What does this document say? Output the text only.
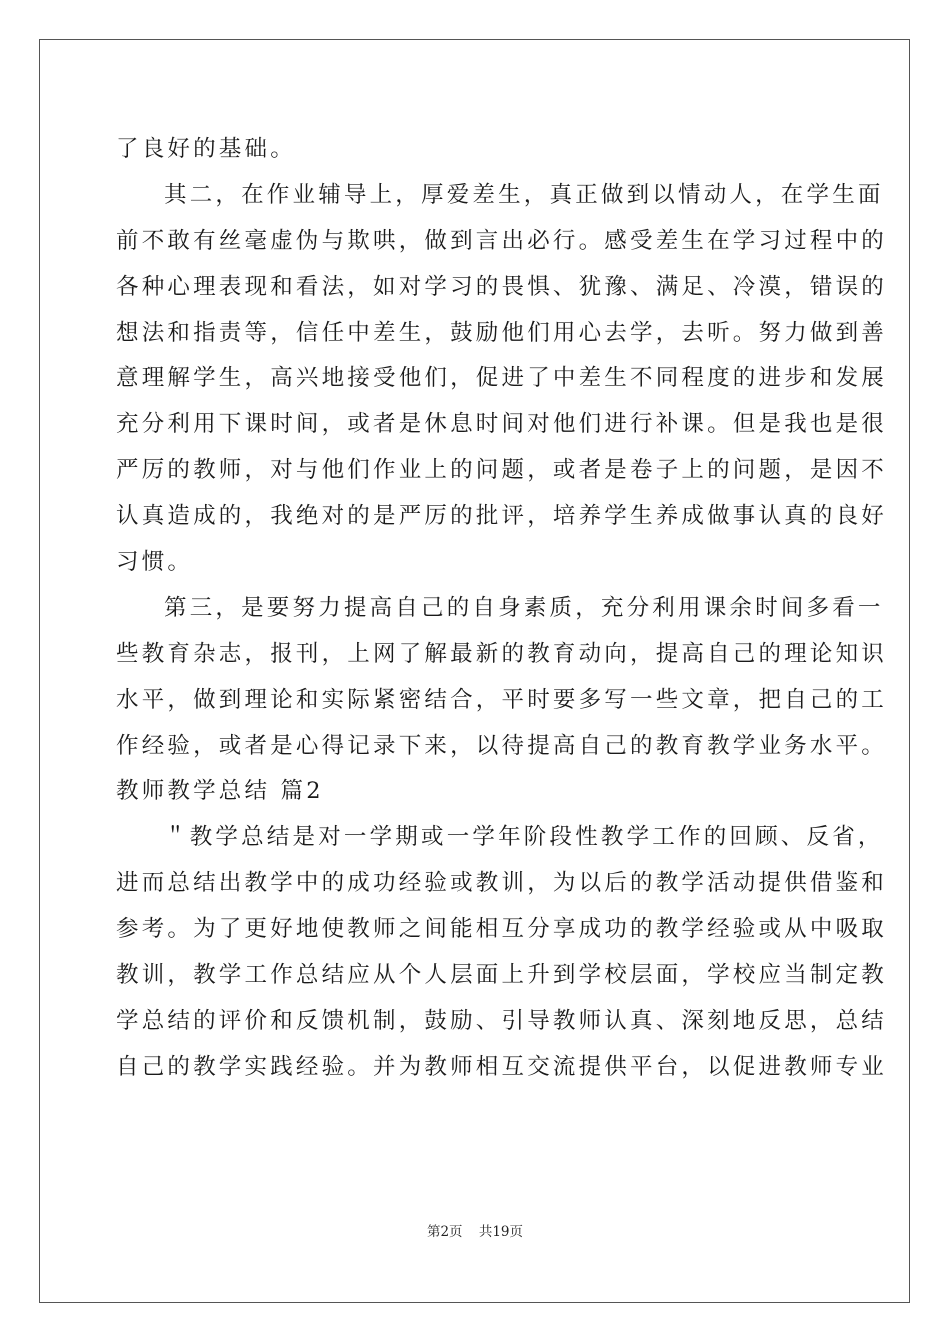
了良好的基础。
其二，在作业辅导上，厚爱差生，真正做到以情动人，在学生面
前不敢有丝毫虚伪与欺哄，做到言出必行。感受差生在学习过程中的
各种心理表现和看法，如对学习的畏惧、犹豫、满足、冷漠，错误的
想法和指责等，信任中差生，鼓励他们用心去学，去听。努力做到善
意理解学生，高兴地接受他们，促进了中差生不同程度的进步和发展
充分利用下课时间，或者是休息时间对他们进行补课。但是我也是很
严厉的教师，对与他们作业上的问题，或者是卷子上的问题，是因不
认真造成的，我绝对的是严厉的批评，培养学生养成做事认真的良好
习惯。
第三，是要努力提高自己的自身素质，充分利用课余时间多看一
些教育杂志，报刊，上网了解最新的教育动向，提高自己的理论知识
水平，做到理论和实际紧密结合，平时要多写一些文章，把自己的工
作经验，或者是心得记录下来，以待提高自己的教育教学业务水平。
教师教学总结 篇2
＂教学总结是对一学期或一学年阶段性教学工作的回顾、反省，
进而总结出教学中的成功经验或教训，为以后的教学活动提供借鉴和
参考。为了更好地使教师之间能相互分享成功的教学经验或从中吸取
教训，教学工作总结应从个人层面上升到学校层面，学校应当制定教
学总结的评价和反馈机制，鼓励、引导教师认真、深刻地反思，总结
自己的教学实践经验。并为教师相互交流提供平台，以促进教师专业
第2页 共19页
